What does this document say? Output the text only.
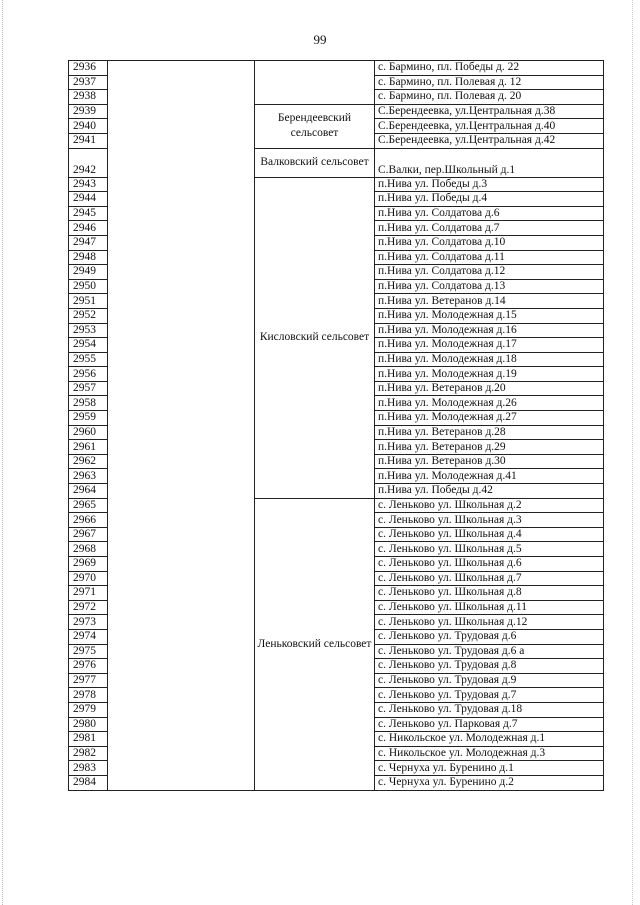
99
2936			с. Бармино, пл. Победы д. 22
2937			с. Бармино, пл. Полевая д. 12
2938			с. Бармино, пл. Полевая д. 20
2939		Берендеевский сельсовет	С.Берендеевка, ул.Центральная д.38
2940			С.Берендеевка, ул.Центральная д.40
2941			С.Берендеевка, ул.Центральная д.42
2942		Валковский сельсовет	С.Валки, пер.Школьный д.1
2943		Кисловский сельсовет	п.Нива ул. Победы д.3
2944			п.Нива ул. Победы д.4
2945			п.Нива ул. Солдатова д.6
2946			п.Нива ул. Солдатова д.7
2947			п.Нива ул. Солдатова д.10
2948			п.Нива ул. Солдатова д.11
2949			п.Нива ул. Солдатова д.12
2950			п.Нива ул. Солдатова д.13
2951			п.Нива ул. Ветеранов д.14
2952			п.Нива ул. Молодежная д.15
2953			п.Нива ул. Молодежная д.16
2954			п.Нива ул. Молодежная д.17
2955			п.Нива ул. Молодежная д.18
2956			п.Нива ул. Молодежная д.19
2957			п.Нива ул. Ветеранов д.20
2958			п.Нива ул. Молодежная д.26
2959			п.Нива ул. Молодежная д.27
2960			п.Нива ул. Ветеранов д.28
2961			п.Нива ул. Ветеранов д.29
2962			п.Нива ул. Ветеранов д.30
2963			п.Нива ул. Молодежная д.41
2964			п.Нива ул. Победы д.42
2965		Леньковский сельсовет	с. Леньково ул. Школьная д.2
2966			с. Леньково ул. Школьная д.3
2967			с. Леньково ул. Школьная д.4
2968			с. Леньково ул. Школьная д.5
2969			с. Леньково ул. Школьная д.6
2970			с. Леньково ул. Школьная д.7
2971			с. Леньково ул. Школьная д.8
2972			с. Леньково ул. Школьная д.11
2973			с. Леньково ул. Школьная д.12
2974			с. Леньково ул. Трудовая д.6
2975			с. Леньково ул. Трудовая д.6 а
2976			с. Леньково ул. Трудовая д.8
2977			с. Леньково ул. Трудовая д.9
2978			с. Леньково ул. Трудовая д.7
2979			с. Леньково ул. Трудовая д.18
2980			с. Леньково ул. Парковая д.7
2981			с. Никольское ул. Молодежная д.1
2982			с. Никольское ул. Молодежная д.3
2983			с. Чернуха ул. Буренино д.1
2984			с. Чернуха ул. Буренино д.2
